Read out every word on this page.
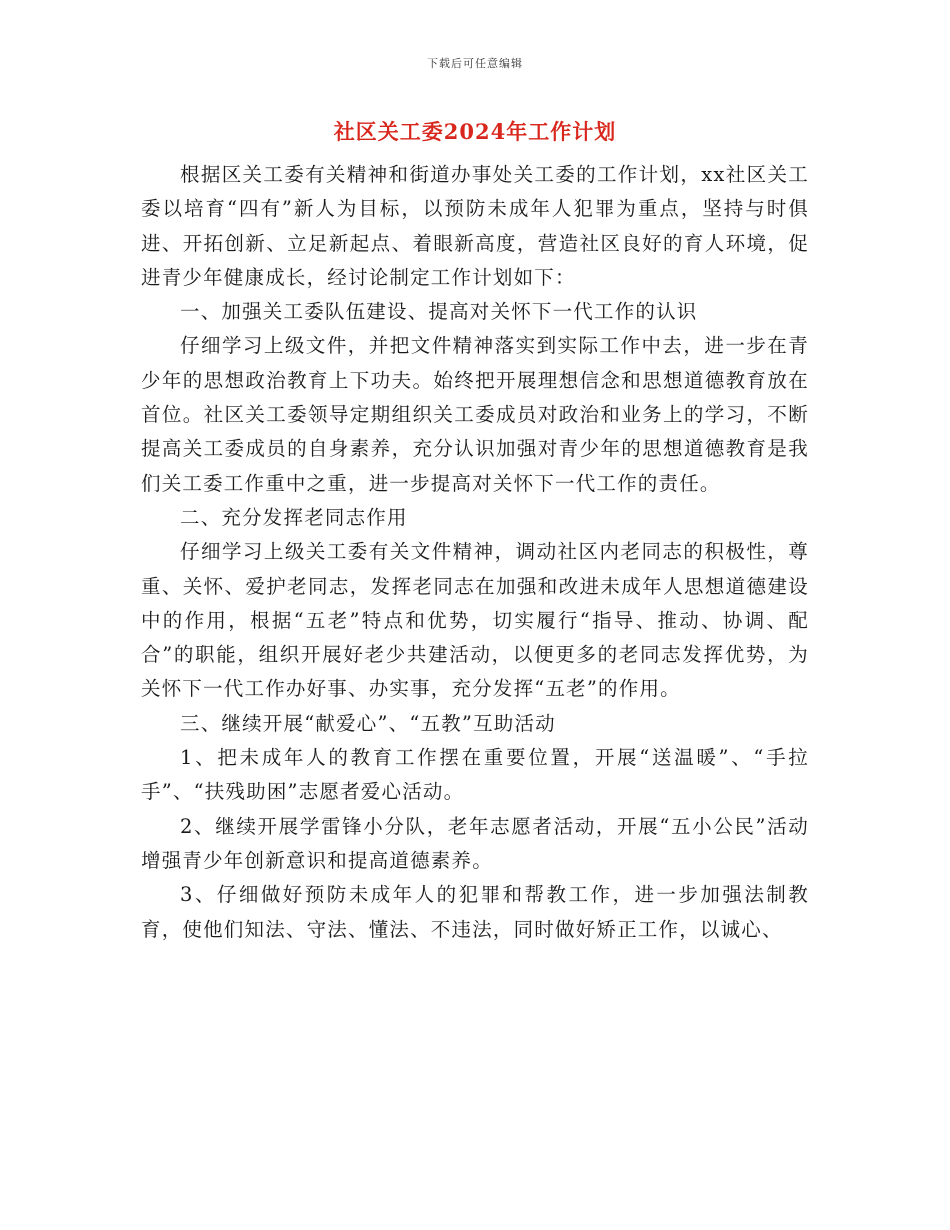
下载后可任意编辑
社区关工委2024年工作计划

根据区关工委有关精神和街道办事处关工委的工作计划，xx社区关工委以培育“四有”新人为目标，以预防未成年人犯罪为重点，坚持与时俱进、开拓创新、立足新起点、着眼新高度，营造社区良好的育人环境，促进青少年健康成长，经讨论制定工作计划如下：

一、加强关工委队伍建设、提高对关怀下一代工作的认识

仔细学习上级文件，并把文件精神落实到实际工作中去，进一步在青少年的思想政治教育上下功夫。始终把开展理想信念和思想道德教育放在首位。社区关工委领导定期组织关工委成员对政治和业务上的学习，不断提高关工委成员的自身素养，充分认识加强对青少年的思想道德教育是我们关工委工作重中之重，进一步提高对关怀下一代工作的责任。

二、充分发挥老同志作用

仔细学习上级关工委有关文件精神，调动社区内老同志的积极性，尊重、关怀、爱护老同志，发挥老同志在加强和改进未成年人思想道德建设中的作用，根据“五老”特点和优势，切实履行“指导、推动、协调、配合”的职能，组织开展好老少共建活动，以便更多的老同志发挥优势，为关怀下一代工作办好事、办实事，充分发挥“五老”的作用。

三、继续开展“献爱心”、“五教”互助活动

1、把未成年人的教育工作摆在重要位置，开展“送温暖”、“手拉手”、“扶残助困”志愿者爱心活动。

2、继续开展学雷锋小分队，老年志愿者活动，开展“五小公民”活动增强青少年创新意识和提高道德素养。

3、仔细做好预防未成年人的犯罪和帮教工作，进一步加强法制教育，使他们知法、守法、懂法、不违法，同时做好矫正工作，以诚心、
